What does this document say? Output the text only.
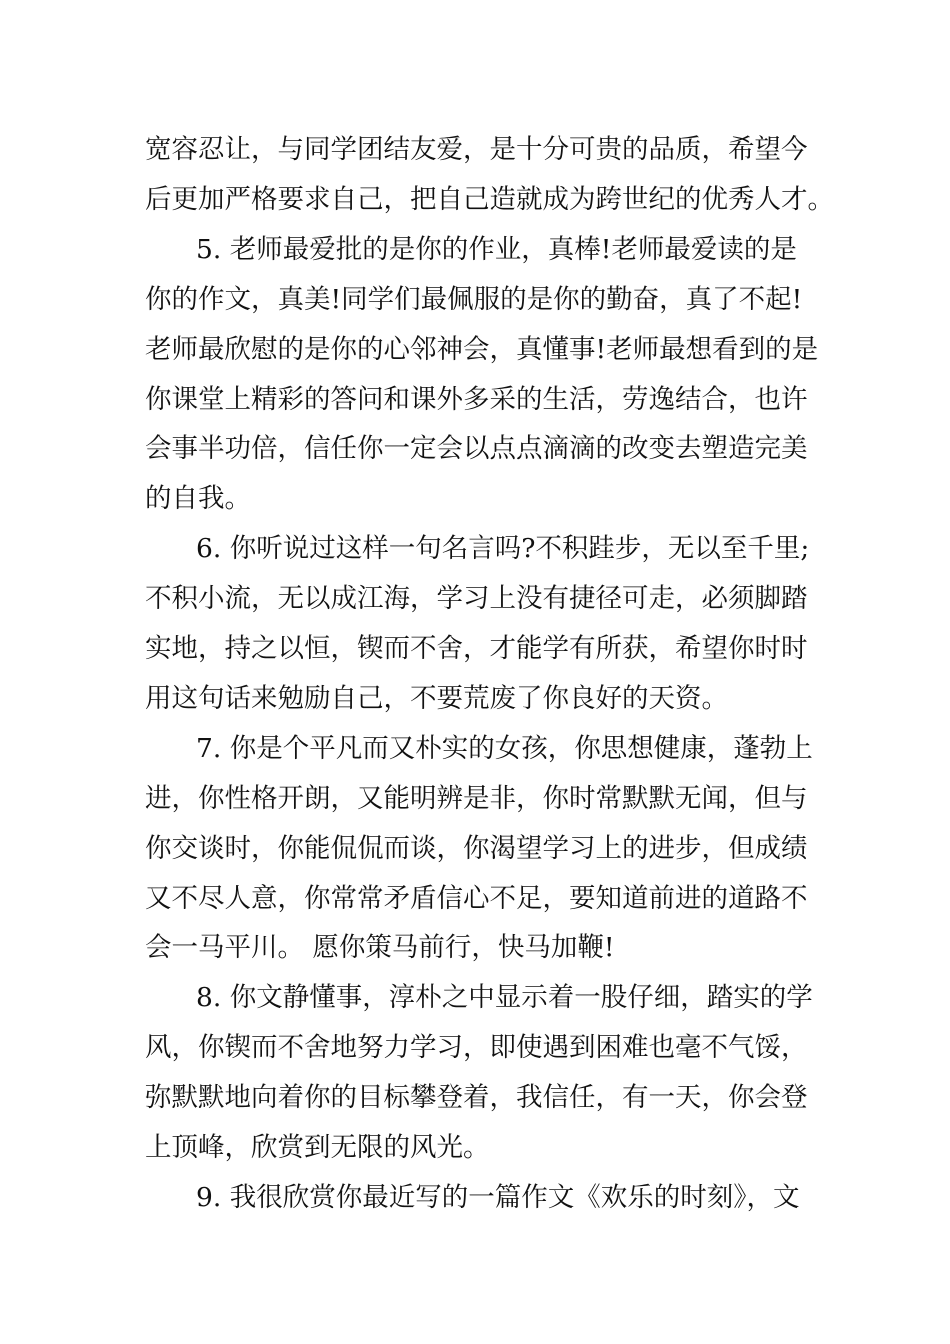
宽容忍让，与同学团结友爱，是十分可贵的品质，希望今

后更加严格要求自己，把自己造就成为跨世纪的优秀人才。

5. 老师最爱批的是你的作业，真棒!老师最爱读的是

你的作文，真美!同学们最佩服的是你的勤奋，真了不起!

老师最欣慰的是你的心邻神会，真懂事!老师最想看到的是

你课堂上精彩的答问和课外多采的生活，劳逸结合，也许

会事半功倍，信任你一定会以点点滴滴的改变去塑造完美

的自我。

6. 你听说过这样一句名言吗?不积跬步，无以至千里;

不积小流，无以成江海，学习上没有捷径可走，必须脚踏

实地，持之以恒，锲而不舍，才能学有所获，希望你时时

用这句话来勉励自己，不要荒废了你良好的天资。

7. 你是个平凡而又朴实的女孩，你思想健康，蓬勃上

进，你性格开朗，又能明辨是非，你时常默默无闻，但与

你交谈时，你能侃侃而谈，你渴望学习上的进步，但成绩

又不尽人意，你常常矛盾信心不足，要知道前进的道路不

会一马平川。 愿你策马前行，快马加鞭!

8. 你文静懂事，淳朴之中显示着一股仔细，踏实的学

风，你锲而不舍地努力学习，即使遇到困难也毫不气馁，

弥默默地向着你的目标攀登着，我信任，有一天，你会登

上顶峰，欣赏到无限的风光。

9. 我很欣赏你最近写的一篇作文《欢乐的时刻》，文
